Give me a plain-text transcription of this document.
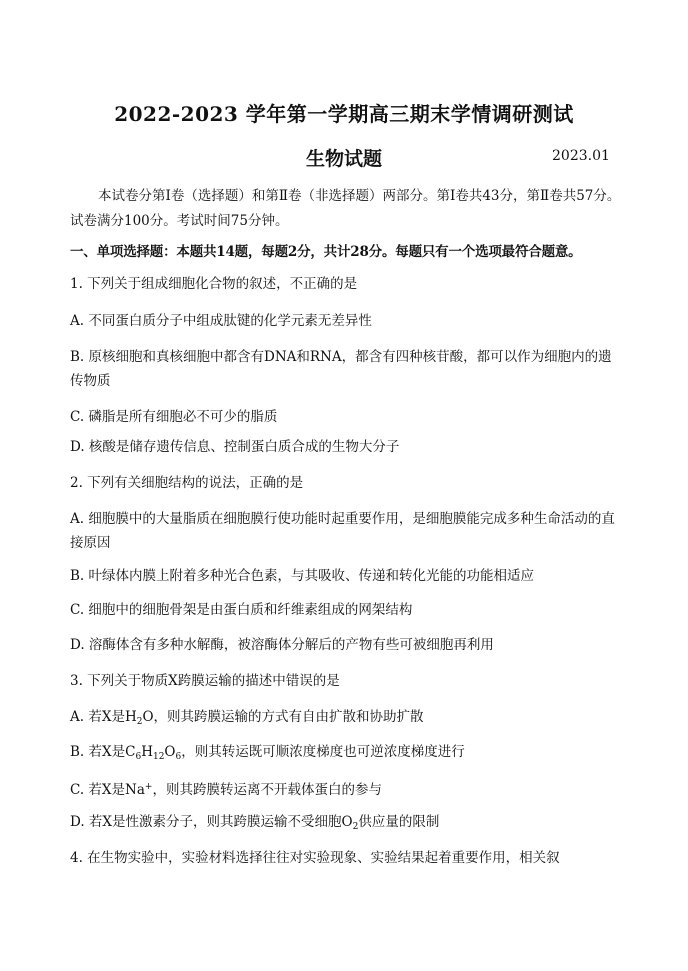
2022-2023 学年第一学期高三期末学情调研测试
生物试题	2023.01
本试卷分第Ⅰ卷（选择题）和第Ⅱ卷（非选择题）两部分。第Ⅰ卷共43分，第Ⅱ卷共57分。试卷满分100分。考试时间75分钟。
一、单项选择题：本题共14题，每题2分，共计28分。每题只有一个选项最符合题意。
1. 下列关于组成细胞化合物的叙述，不正确的是
A. 不同蛋白质分子中组成肽键的化学元素无差异性
B. 原核细胞和真核细胞中都含有DNA和RNA，都含有四种核苷酸，都可以作为细胞内的遗传物质
C. 磷脂是所有细胞必不可少的脂质
D. 核酸是储存遗传信息、控制蛋白质合成的生物大分子
2. 下列有关细胞结构的说法，正确的是
A. 细胞膜中的大量脂质在细胞膜行使功能时起重要作用，是细胞膜能完成多种生命活动的直接原因
B. 叶绿体内膜上附着多种光合色素，与其吸收、传递和转化光能的功能相适应
C. 细胞中的细胞骨架是由蛋白质和纤维素组成的网架结构
D. 溶酶体含有多种水解酶，被溶酶体分解后的产物有些可被细胞再利用
3. 下列关于物质X跨膜运输的描述中错误的是
A. 若X是$H_2O$，则其跨膜运输的方式有自由扩散和协助扩散
B. 若X是$C_6H_{12}O_6$，则其转运既可顺浓度梯度也可逆浓度梯度进行
C. 若X是Na+，则其跨膜转运离不开载体蛋白的参与
D. 若X是性激素分子，则其跨膜运输不受细胞$O_2$供应量的限制
4. 在生物实验中，实验材料选择往往对实验现象、实验结果起着重要作用，相关叙
